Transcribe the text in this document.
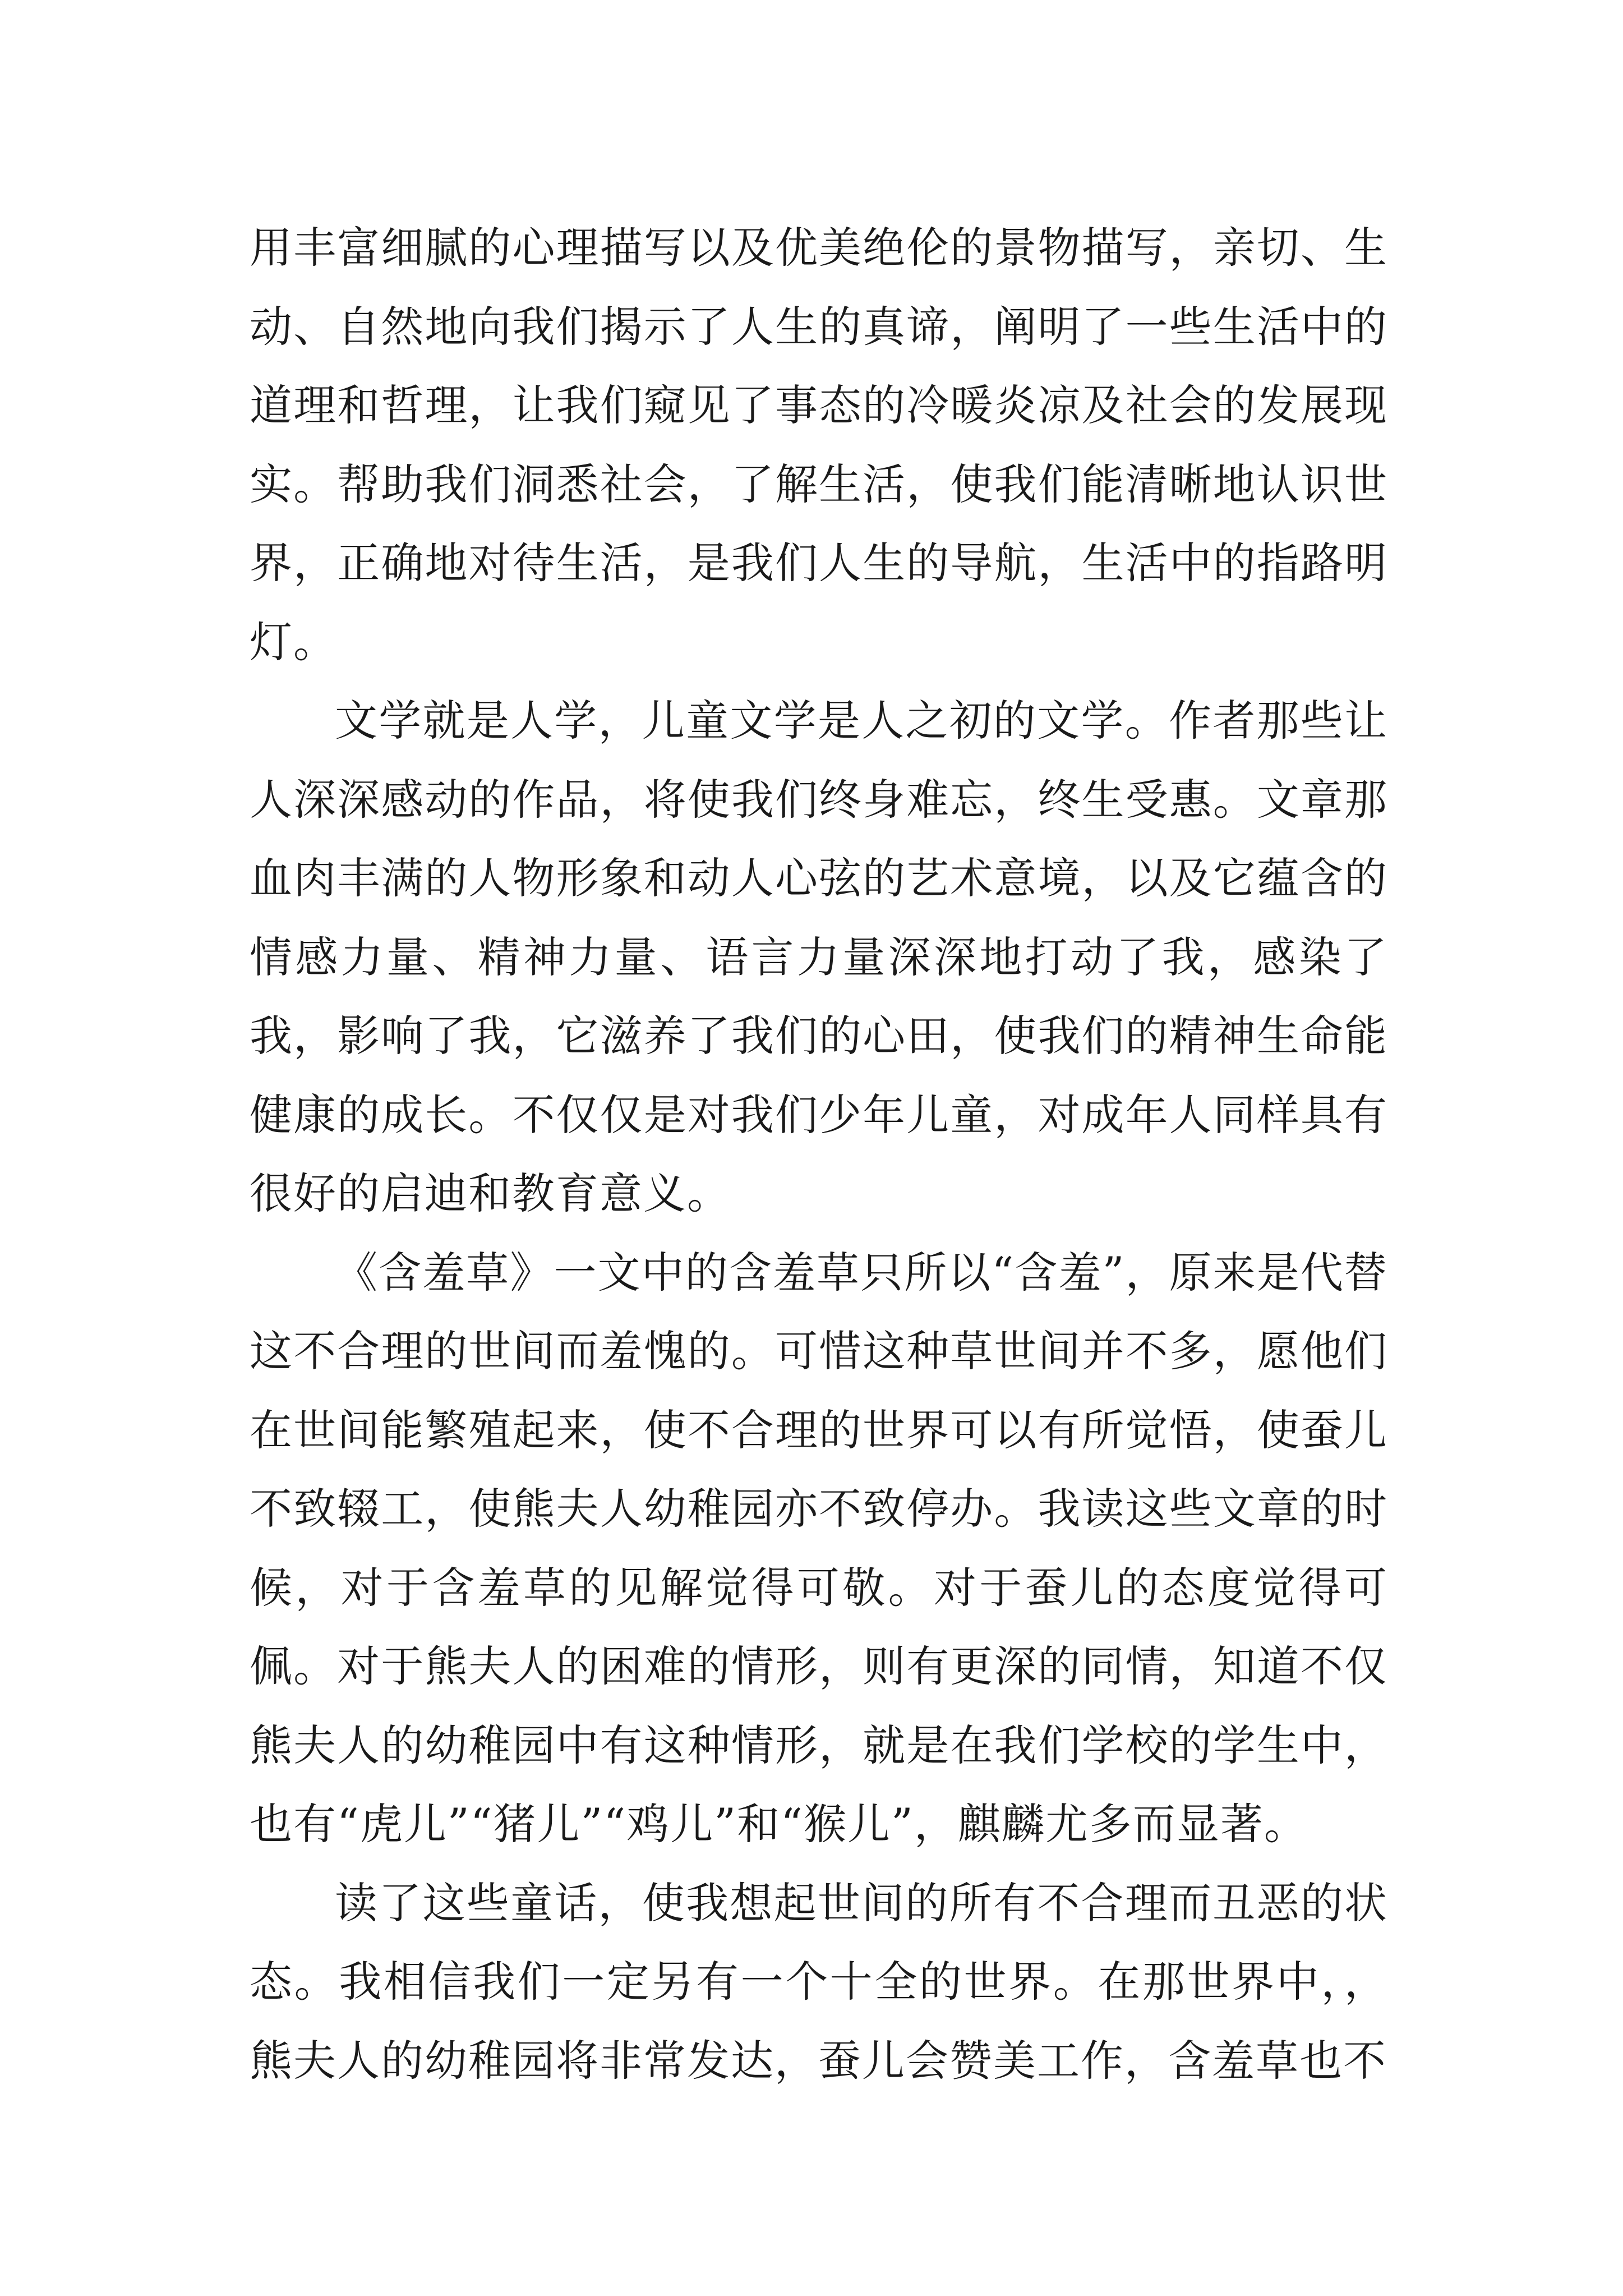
用丰富细腻的心理描写以及优美绝伦的景物描写，亲切、生动、自然地向我们揭示了人生的真谛，阐明了一些生活中的道理和哲理，让我们窥见了事态的冷暖炎凉及社会的发展现实。帮助我们洞悉社会，了解生活，使我们能清晰地认识世界，正确地对待生活，是我们人生的导航，生活中的指路明灯。

文学就是人学，儿童文学是人之初的文学。作者那些让人深深感动的作品，将使我们终身难忘，终生受惠。文章那血肉丰满的人物形象和动人心弦的艺术意境，以及它蕴含的情感力量、精神力量、语言力量深深地打动了我，感染了我，影响了我，它滋养了我们的心田，使我们的精神生命能健康的成长。不仅仅是对我们少年儿童，对成年人同样具有很好的启迪和教育意义。

《含羞草》一文中的含羞草只所以“含羞”，原来是代替这不合理的世间而羞愧的。可惜这种草世间并不多，愿他们在世间能繁殖起来，使不合理的世界可以有所觉悟，使蚕儿不致辍工，使熊夫人幼稚园亦不致停办。我读这些文章的时候，对于含羞草的见解觉得可敬。对于蚕儿的态度觉得可佩。对于熊夫人的困难的情形，则有更深的同情，知道不仅熊夫人的幼稚园中有这种情形，就是在我们学校的学生中，也有“虎儿”“猪儿”“鸡儿”和“猴儿”，麒麟尤多而显著。

读了这些童话，使我想起世间的所有不合理而丑恶的状态。我相信我们一定另有一个十全的世界。在那世界中，，熊夫人的幼稚园将非常发达，蚕儿会赞美工作，含羞草也不
